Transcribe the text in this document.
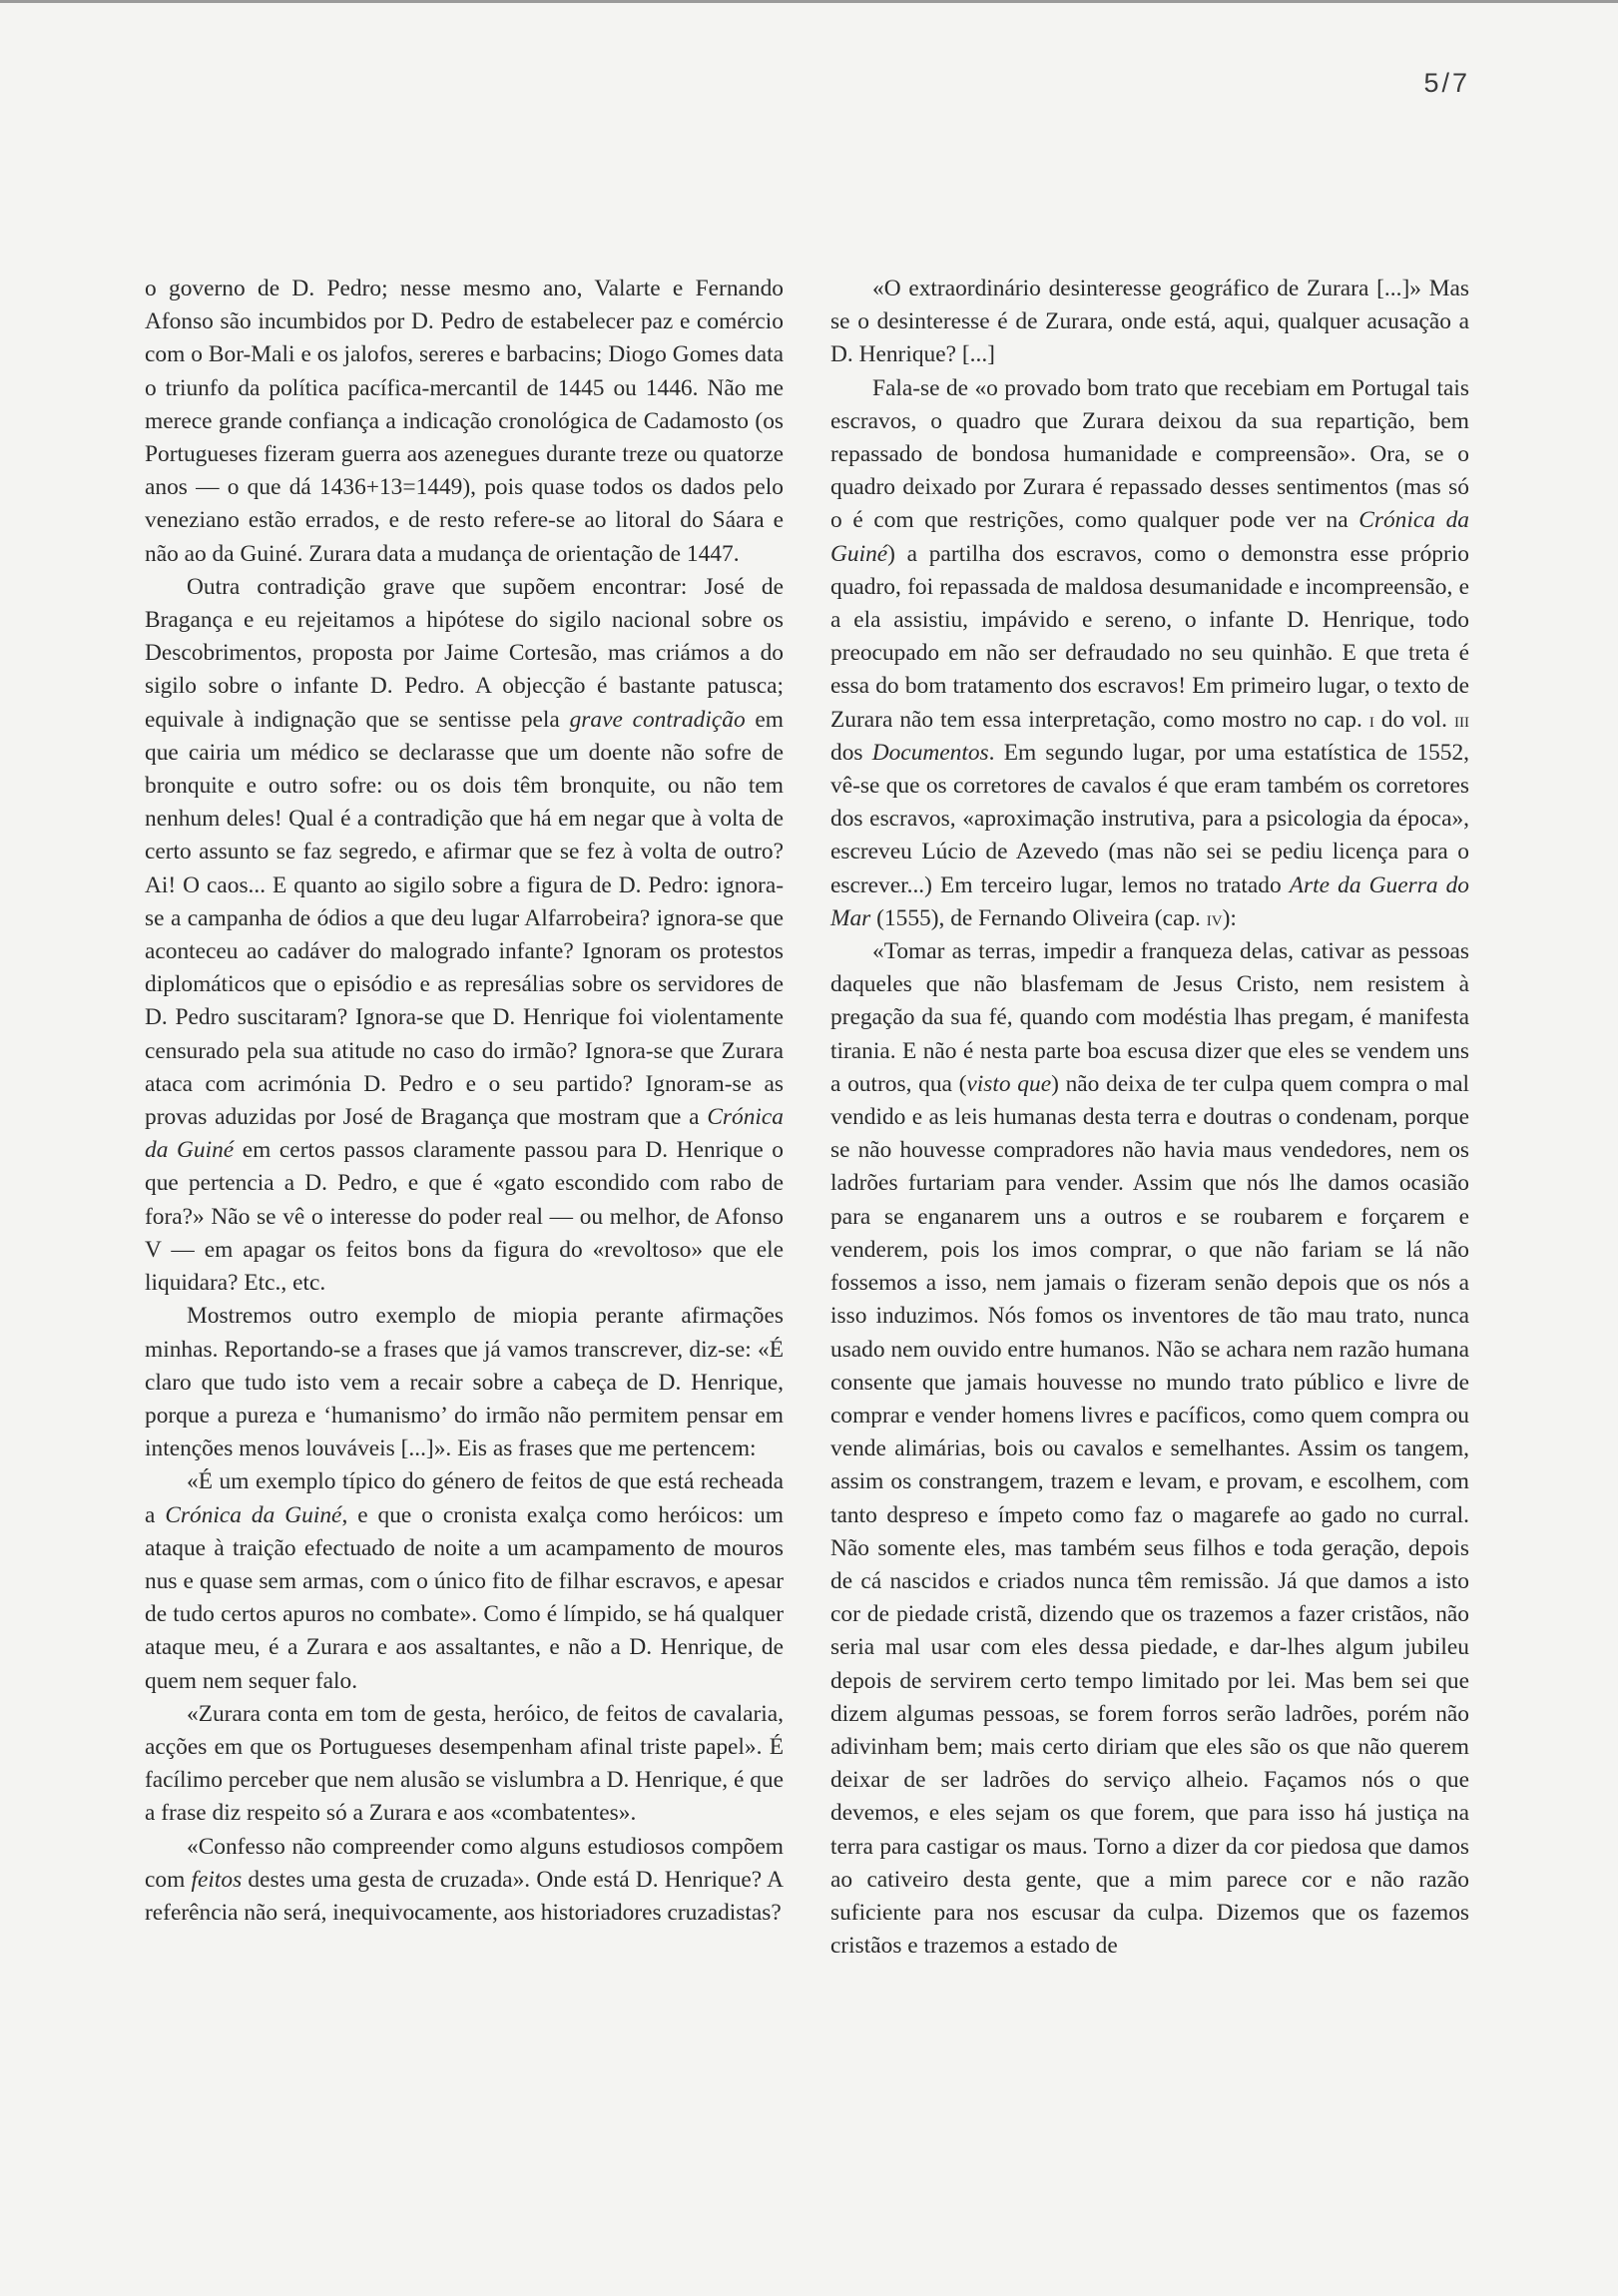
5/7

o governo de D. Pedro; nesse mesmo ano, Valarte e Fernando Afonso são incumbidos por D. Pedro de estabelecer paz e comércio com o Bor-Mali e os jalofos, sereres e barbacins; Diogo Gomes data o triunfo da política pacífica-mercantil de 1445 ou 1446. Não me merece grande confiança a indicação cronológica de Cadamosto (os Portugueses fizeram guerra aos azenegues durante treze ou quatorze anos — o que dá 1436+13=1449), pois quase todos os dados pelo veneziano estão errados, e de resto refere-se ao litoral do Sáara e não ao da Guiné. Zurara data a mudança de orientação de 1447.

Outra contradição grave que supõem encontrar: José de Bragança e eu rejeitamos a hipótese do sigilo nacional sobre os Descobrimentos, proposta por Jaime Cortesão, mas criámos a do sigilo sobre o infante D. Pedro. A objecção é bastante patusca; equivale à indignação que se sentisse pela grave contradição em que cairia um médico se declarasse que um doente não sofre de bronquite e outro sofre: ou os dois têm bronquite, ou não tem nenhum deles! Qual é a contradição que há em negar que à volta de certo assunto se faz segredo, e afirmar que se fez à volta de outro? Ai! O caos... E quanto ao sigilo sobre a figura de D. Pedro: ignora-se a campanha de ódios a que deu lugar Alfarrobeira? ignora-se que aconteceu ao cadáver do malogrado infante? Ignoram os protestos diplomáticos que o episódio e as represálias sobre os servidores de D. Pedro suscitaram? Ignora-se que D. Henrique foi violentamente censurado pela sua atitude no caso do irmão? Ignora-se que Zurara ataca com acrimónia D. Pedro e o seu partido? Ignoram-se as provas aduzidas por José de Bragança que mostram que a Crónica da Guiné em certos passos claramente passou para D. Henrique o que pertencia a D. Pedro, e que é «gato escondido com rabo de fora?» Não se vê o interesse do poder real — ou melhor, de Afonso V — em apagar os feitos bons da figura do «revoltoso» que ele liquidara? Etc., etc.

Mostremos outro exemplo de miopia perante afirmações minhas. Reportando-se a frases que já vamos transcrever, diz-se: «É claro que tudo isto vem a recair sobre a cabeça de D. Henrique, porque a pureza e ‘humanismo’ do irmão não permitem pensar em intenções menos louváveis [...]». Eis as frases que me pertencem:

«É um exemplo típico do género de feitos de que está recheada a Crónica da Guiné, e que o cronista exalça como heróicos: um ataque à traição efectuado de noite a um acampamento de mouros nus e quase sem armas, com o único fito de filhar escravos, e apesar de tudo certos apuros no combate». Como é límpido, se há qualquer ataque meu, é a Zurara e aos assaltantes, e não a D. Henrique, de quem nem sequer falo.

«Zurara conta em tom de gesta, heróico, de feitos de cavalaria, acções em que os Portugueses desempenham afinal triste papel». É facílimo perceber que nem alusão se vislumbra a D. Henrique, é que a frase diz respeito só a Zurara e aos «combatentes».

«Confesso não compreender como alguns estudiosos compõem com feitos destes uma gesta de cruzada». Onde está D. Henrique? A referência não será, inequivocamente, aos historiadores cruzadistas?

«O extraordinário desinteresse geográfico de Zurara [...]» Mas se o desinteresse é de Zurara, onde está, aqui, qualquer acusação a D. Henrique? [...]

Fala-se de «o provado bom trato que recebiam em Portugal tais escravos, o quadro que Zurara deixou da sua repartição, bem repassado de bondosa humanidade e compreensão». Ora, se o quadro deixado por Zurara é repassado desses sentimentos (mas só o é com que restrições, como qualquer pode ver na Crónica da Guiné) a partilha dos escravos, como o demonstra esse próprio quadro, foi repassada de maldosa desumanidade e incompreensão, e a ela assistiu, impávido e sereno, o infante D. Henrique, todo preocupado em não ser defraudado no seu quinhão. E que treta é essa do bom tratamento dos escravos! Em primeiro lugar, o texto de Zurara não tem essa interpretação, como mostro no cap. i do vol. iii dos Documentos. Em segundo lugar, por uma estatística de 1552, vê-se que os corretores de cavalos é que eram também os corretores dos escravos, «aproximação instrutiva, para a psicologia da época», escreveu Lúcio de Azevedo (mas não sei se pediu licença para o escrever...) Em terceiro lugar, lemos no tratado Arte da Guerra do Mar (1555), de Fernando Oliveira (cap. iv):

«Tomar as terras, impedir a franqueza delas, cativar as pessoas daqueles que não blasfemam de Jesus Cristo, nem resistem à pregação da sua fé, quando com modéstia lhas pregam, é manifesta tirania. E não é nesta parte boa escusa dizer que eles se vendem uns a outros, qua (visto que) não deixa de ter culpa quem compra o mal vendido e as leis humanas desta terra e doutras o condenam, porque se não houvesse compradores não havia maus vendedores, nem os ladrões furtariam para vender. Assim que nós lhe damos ocasião para se enganarem uns a outros e se roubarem e forçarem e venderem, pois los imos comprar, o que não fariam se lá não fossemos a isso, nem jamais o fizeram senão depois que os nós a isso induzimos. Nós fomos os inventores de tão mau trato, nunca usado nem ouvido entre humanos. Não se achara nem razão humana consente que jamais houvesse no mundo trato público e livre de comprar e vender homens livres e pacíficos, como quem compra ou vende alimárias, bois ou cavalos e semelhantes. Assim os tangem, assim os constrangem, trazem e levam, e provam, e escolhem, com tanto despreso e ímpeto como faz o magarefe ao gado no curral. Não somente eles, mas também seus filhos e toda geração, depois de cá nascidos e criados nunca têm remissão. Já que damos a isto cor de piedade cristã, dizendo que os trazemos a fazer cristãos, não seria mal usar com eles dessa piedade, e dar-lhes algum jubileu depois de servirem certo tempo limitado por lei. Mas bem sei que dizem algumas pessoas, se forem forros serão ladrões, porém não adivinham bem; mais certo diriam que eles são os que não querem deixar de ser ladrões do serviço alheio. Façamos nós o que devemos, e eles sejam os que forem, que para isso há justiça na terra para castigar os maus. Torno a dizer da cor piedosa que damos ao cativeiro desta gente, que a mim parece cor e não razão suficiente para nos escusar da culpa. Dizemos que os fazemos cristãos e trazemos a estado de
